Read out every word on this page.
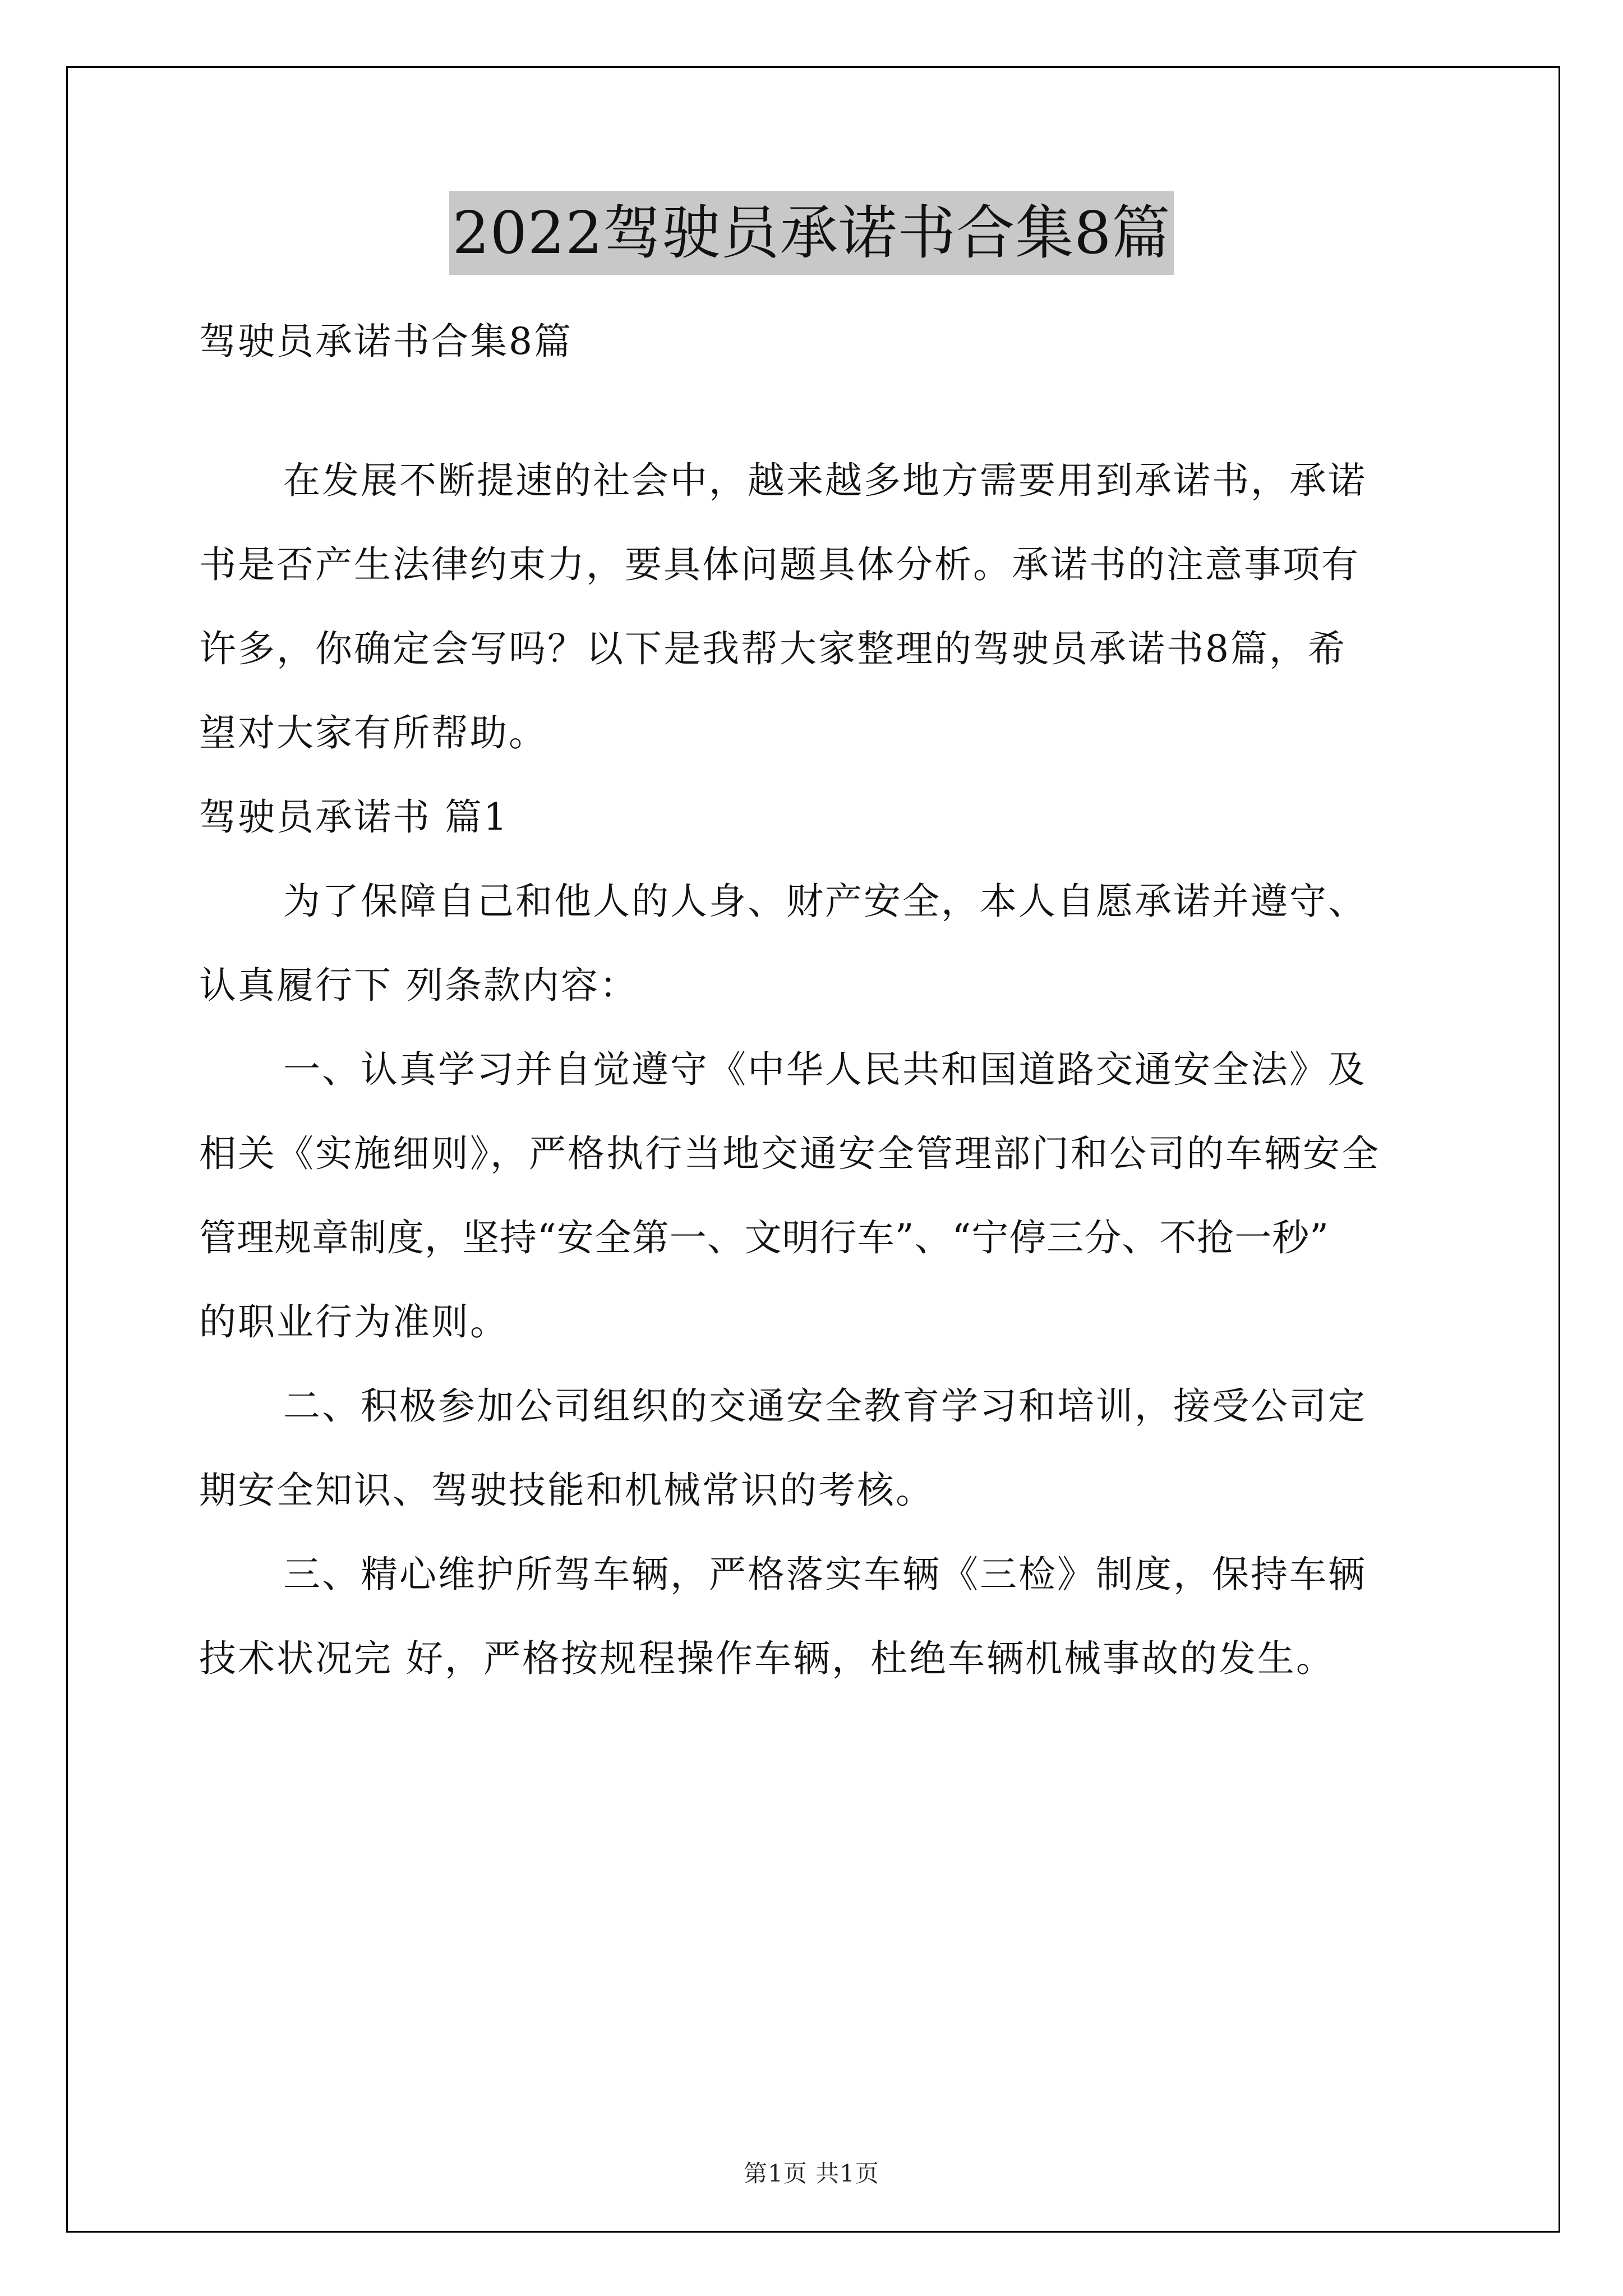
2022驾驶员承诺书合集8篇
驾驶员承诺书合集8篇
在发展不断提速的社会中，越来越多地方需要用到承诺书，承诺
书是否产生法律约束力，要具体问题具体分析。承诺书的注意事项有
许多，你确定会写吗？以下是我帮大家整理的驾驶员承诺书8篇，希
望对大家有所帮助。
驾驶员承诺书 篇1
为了保障自己和他人的人身、财产安全，本人自愿承诺并遵守、
认真履行下 列条款内容：
一、认真学习并自觉遵守《中华人民共和国道路交通安全法》及
相关《实施细则》，严格执行当地交通安全管理部门和公司的车辆安全
管理规章制度，坚持“安全第一、文明行车”、“宁停三分、不抢一秒”
的职业行为准则。
二、积极参加公司组织的交通安全教育学习和培训，接受公司定
期安全知识、驾驶技能和机械常识的考核。
三、精心维护所驾车辆，严格落实车辆《三检》制度，保持车辆
技术状况完 好，严格按规程操作车辆，杜绝车辆机械事故的发生。
第1页 共1页
